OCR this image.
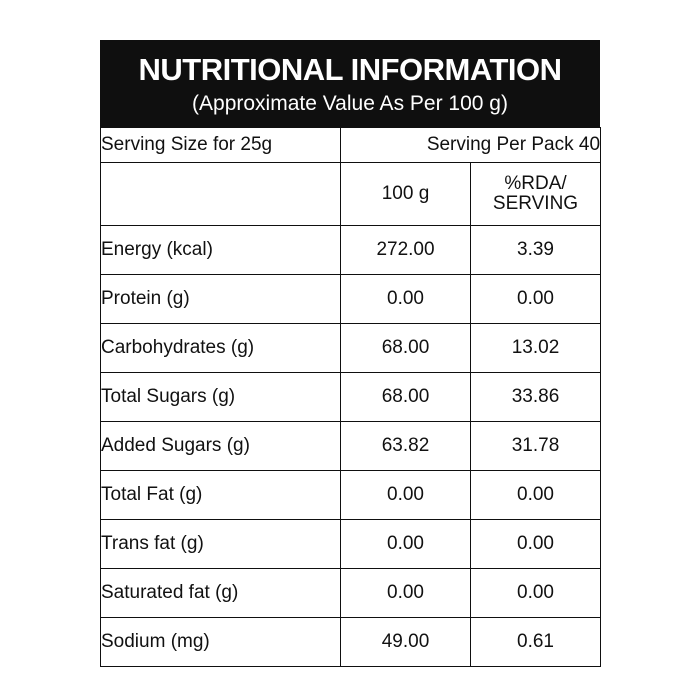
NUTRITIONAL INFORMATION
(Approximate Value As Per 100 g)
Serving Size for 25g	Serving Per Pack 40	
	100 g	%RDA/
SERVING

Energy (kcal)	272.00	3.39
Protein (g)	0.00	0.00
Carbohydrates (g)	68.00	13.02
Total Sugars (g)	68.00	33.86
Added Sugars (g)	63.82	31.78
Total Fat (g)	0.00	0.00
Trans fat (g)	0.00	0.00
Saturated fat (g)	0.00	0.00
Sodium (mg)	49.00	0.61
